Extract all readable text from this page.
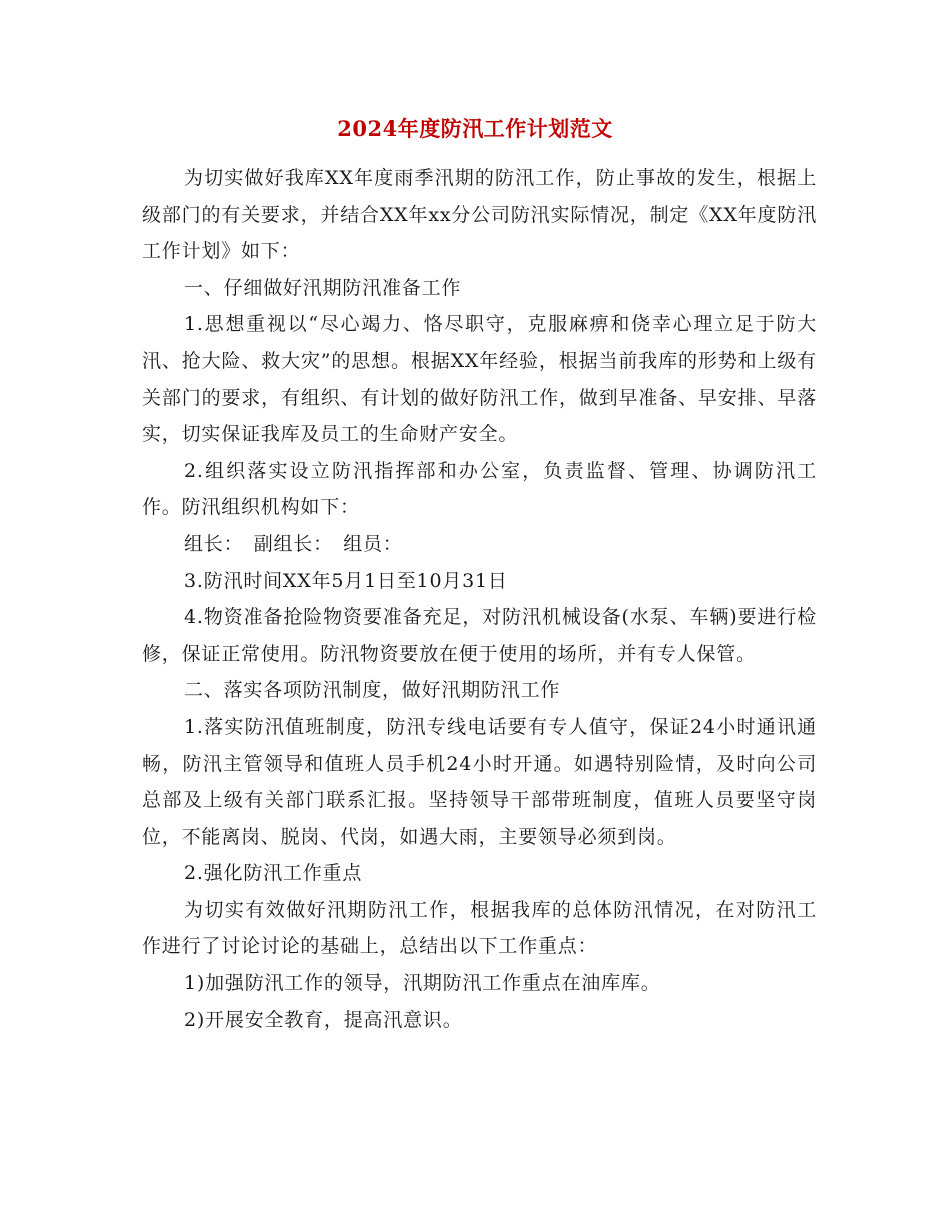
2024年度防汛工作计划范文

为切实做好我库XX年度雨季汛期的防汛工作，防止事故的发生，根据上级部门的有关要求，并结合XX年xx分公司防汛实际情况，制定《XX年度防汛工作计划》如下：

一、仔细做好汛期防汛准备工作

1.思想重视以“尽心竭力、恪尽职守，克服麻痹和侥幸心理立足于防大汛、抢大险、救大灾”的思想。根据XX年经验，根据当前我库的形势和上级有关部门的要求，有组织、有计划的做好防汛工作，做到早准备、早安排、早落实，切实保证我库及员工的生命财产安全。

2.组织落实设立防汛指挥部和办公室，负责监督、管理、协调防汛工作。防汛组织机构如下：

组长：　副组长：　组员：

3.防汛时间XX年5月1日至10月31日

4.物资准备抢险物资要准备充足，对防汛机械设备(水泵、车辆)要进行检修，保证正常使用。防汛物资要放在便于使用的场所，并有专人保管。

二、落实各项防汛制度，做好汛期防汛工作

1.落实防汛值班制度，防汛专线电话要有专人值守，保证24小时通讯通畅，防汛主管领导和值班人员手机24小时开通。如遇特别险情，及时向公司总部及上级有关部门联系汇报。坚持领导干部带班制度，值班人员要坚守岗位，不能离岗、脱岗、代岗，如遇大雨，主要领导必须到岗。

2.强化防汛工作重点

为切实有效做好汛期防汛工作，根据我库的总体防汛情况，在对防汛工作进行了讨论讨论的基础上，总结出以下工作重点：

1)加强防汛工作的领导，汛期防汛工作重点在油库库。

2)开展安全教育，提高汛意识。
